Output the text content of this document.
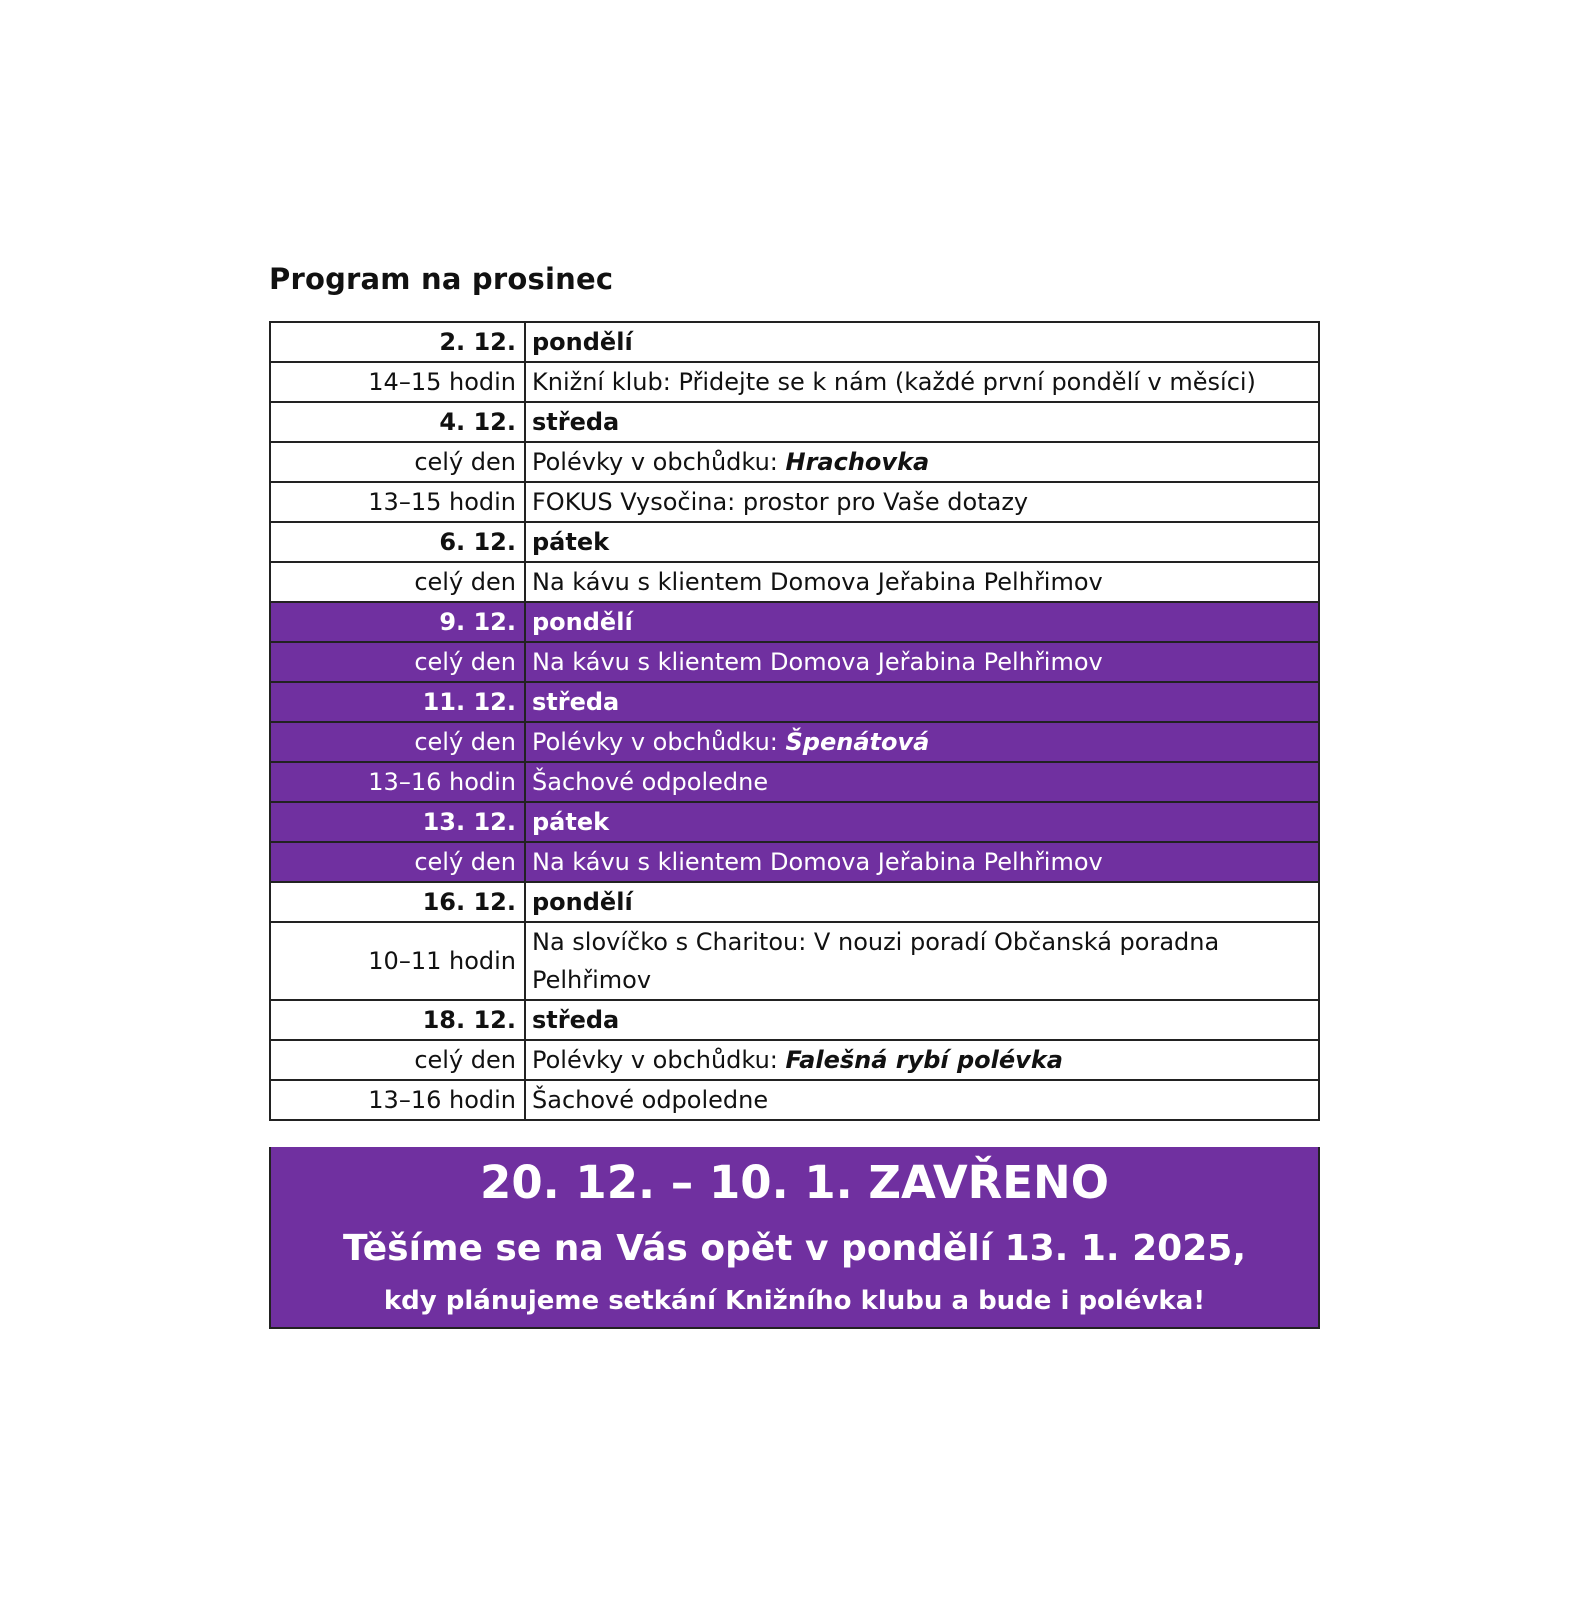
Program na prosinec
2. 12.	pondělí
14–15 hodin	Knižní klub: Přidejte se k nám (každé první pondělí v měsíci)
4. 12.	středa
celý den	Polévky v obchůdku: Hrachovka
13–15 hodin	FOKUS Vysočina: prostor pro Vaše dotazy
6. 12.	pátek
celý den	Na kávu s klientem Domova Jeřabina Pelhřimov
9. 12.	pondělí
celý den	Na kávu s klientem Domova Jeřabina Pelhřimov
11. 12.	středa
celý den	Polévky v obchůdku: Špenátová
13–16 hodin	Šachové odpoledne
13. 12.	pátek
celý den	Na kávu s klientem Domova Jeřabina Pelhřimov
16. 12.	pondělí
10–11 hodin	Na slovíčko s Charitou: V nouzi poradí Občanská poradna Pelhřimov
18. 12.	středa
celý den	Polévky v obchůdku: Falešná rybí polévka
13–16 hodin	Šachové odpoledne
20. 12. – 10. 1. ZAVŘENO
Těšíme se na Vás opět v pondělí 13. 1. 2025,
kdy plánujeme setkání Knižního klubu a bude i polévka!
